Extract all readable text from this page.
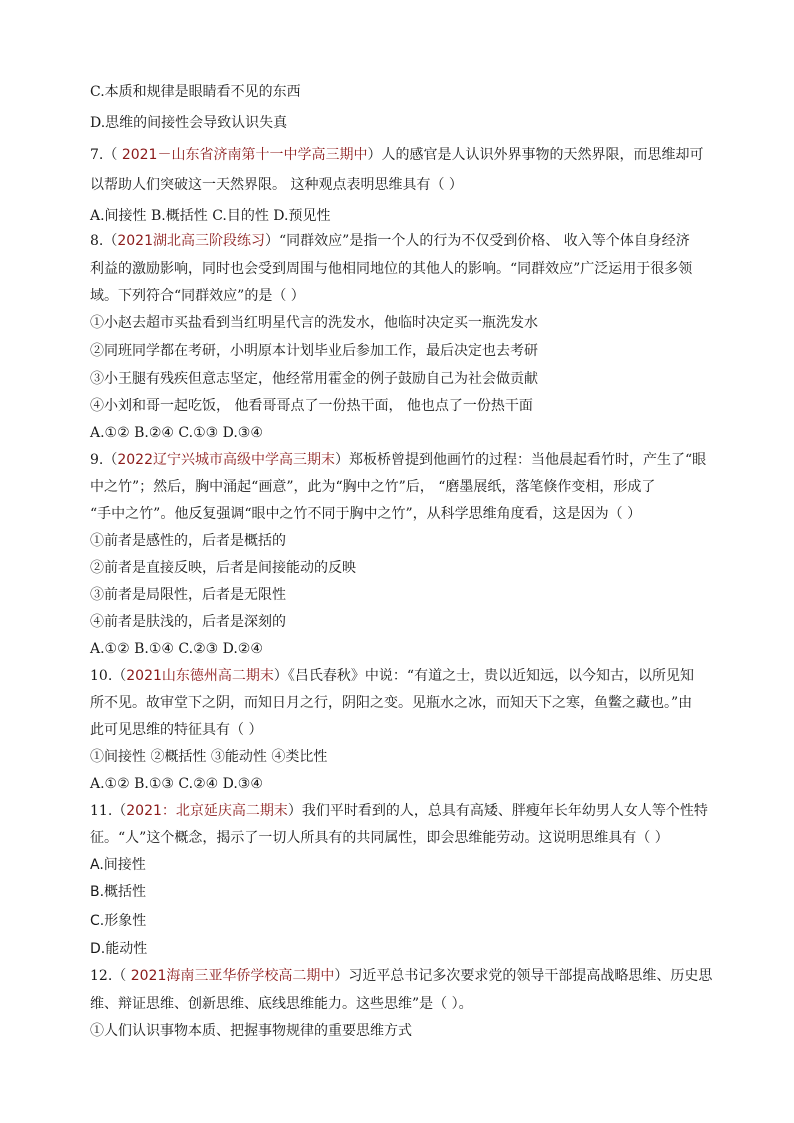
C.本质和规律是眼睛看不见的东西
D.思维的间接性会导致认识失真
7.（ 2021－山东省济南第十一中学高三期中）人的感官是人认识外界事物的天然界限，而思维却可
以帮助人们突破这一天然界限。 这种观点表明思维具有（ ）
A.间接性 B.概括性 C.目的性 D.预见性
8.（2021湖北高三阶段练习）“同群效应”是指一个人的行为不仅受到价格、 收入等个体自身经济
利益的激励影响，同时也会受到周围与他相同地位的其他人的影响。“同群效应”广泛运用于很多领
域。下列符合“同群效应”的是（ ）
①小赵去超市买盐看到当红明星代言的洗发水，他临时决定买一瓶洗发水
②同班同学都在考研，小明原本计划毕业后参加工作，最后决定也去考研
③小王腿有残疾但意志坚定，他经常用霍金的例子鼓励自己为社会做贡献
④小刘和哥一起吃饭， 他看哥哥点了一份热干面， 他也点了一份热干面
A.①② B.②④ C.①③ D.③④
9.（2022辽宁兴城市高级中学高三期末）郑板桥曾提到他画竹的过程：当他晨起看竹时，产生了“眼
中之竹”；然后，胸中涌起“画意”，此为“胸中之竹”后， “磨墨展纸，落笔倏作变相，形成了
“手中之竹”。他反复强调“眼中之竹不同于胸中之竹”，从科学思维角度看，这是因为（ ）
①前者是感性的，后者是概括的
②前者是直接反映，后者是间接能动的反映
③前者是局限性，后者是无限性
④前者是肤浅的，后者是深刻的
A.①② B.①④ C.②③ D.②④
10.（2021山东德州高二期末）《吕氏春秋》中说：“有道之士，贵以近知远，以今知古，以所见知
所不见。故审堂下之阴，而知日月之行，阴阳之变。见瓶水之冰，而知天下之寒，鱼鳖之藏也。”由
此可见思维的特征具有（ ）
①间接性 ②概括性 ③能动性 ④类比性
A.①② B.①③ C.②④ D.③④
11.（2021：北京延庆高二期末）我们平时看到的人，总具有高矮、胖瘦年长年幼男人女人等个性特
征。“人”这个概念，揭示了一切人所具有的共同属性，即会思维能劳动。这说明思维具有（ ）
A.间接性
B.概括性
C.形象性
D.能动性
12.（ 2021海南三亚华侨学校高二期中）习近平总书记多次要求党的领导干部提高战略思维、历史思
维、辩证思维、创新思维、底线思维能力。这些思维”是（ ）。
①人们认识事物本质、把握事物规律的重要思维方式
